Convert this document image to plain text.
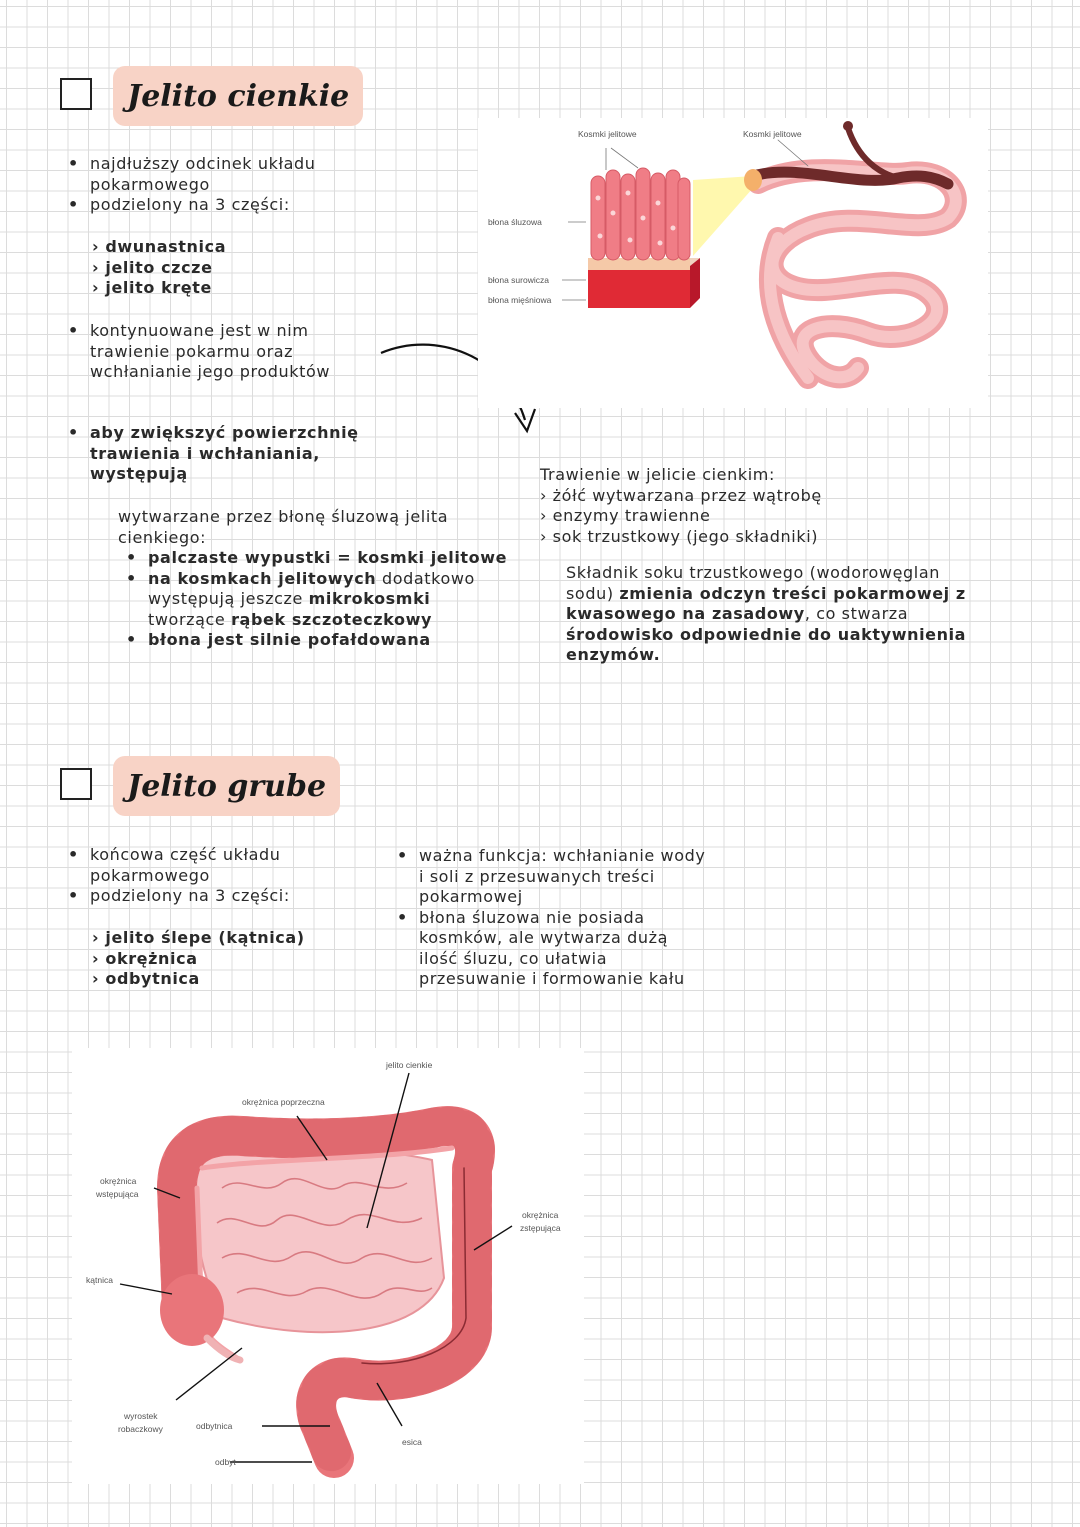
Jelito cienkie
• najdłuższy odcinek układu pokarmowego
• podzielony na 3 części:
› dwunastnica
› jelito czcze
› jelito kręte
• kontynuowane jest w nim trawienie pokarmu oraz wchłanianie jego produktów
• aby zwiększyć powierzchnię trawienia i wchłaniania, występują
wytwarzane przez błonę śluzową jelita cienkiego:
• palczaste wypustki = kosmki jelitowe
• na kosmkach jelitowych dodatkowo występują jeszcze mikrokosmki tworzące rąbek szczoteczkowy
• błona jest silnie pofałdowana
Kosmki jelitowe	Kosmki jelitowe
błona śluzowa
błona surowicza
błona mięśniowa
Trawienie w jelicie cienkim:
› żółć wytwarzana przez wątrobę
› enzymy trawienne
› sok trzustkowy (jego składniki)
Składnik soku trzustkowego (wodorowęglan sodu) zmienia odczyn treści pokarmowej z kwasowego na zasadowy, co stwarza środowisko odpowiednie do uaktywnienia enzymów.
Jelito grube
• końcowa część układu pokarmowego
• podzielony na 3 części:
› jelito ślepe (kątnica)
› okrężnica
› odbytnica
• ważna funkcja: wchłanianie wody i soli z przesuwanych treści pokarmowej
• błona śluzowa nie posiada kosmków, ale wytwarza dużą ilość śluzu, co ułatwia przesuwanie i formowanie kału
jelito cienkie
okrężnica poprzeczna
okrężnica
wstępująca
okrężnica
zstępująca
kątnica
wyrostek
robaczkowy	odbytnica
esica
odbyt
